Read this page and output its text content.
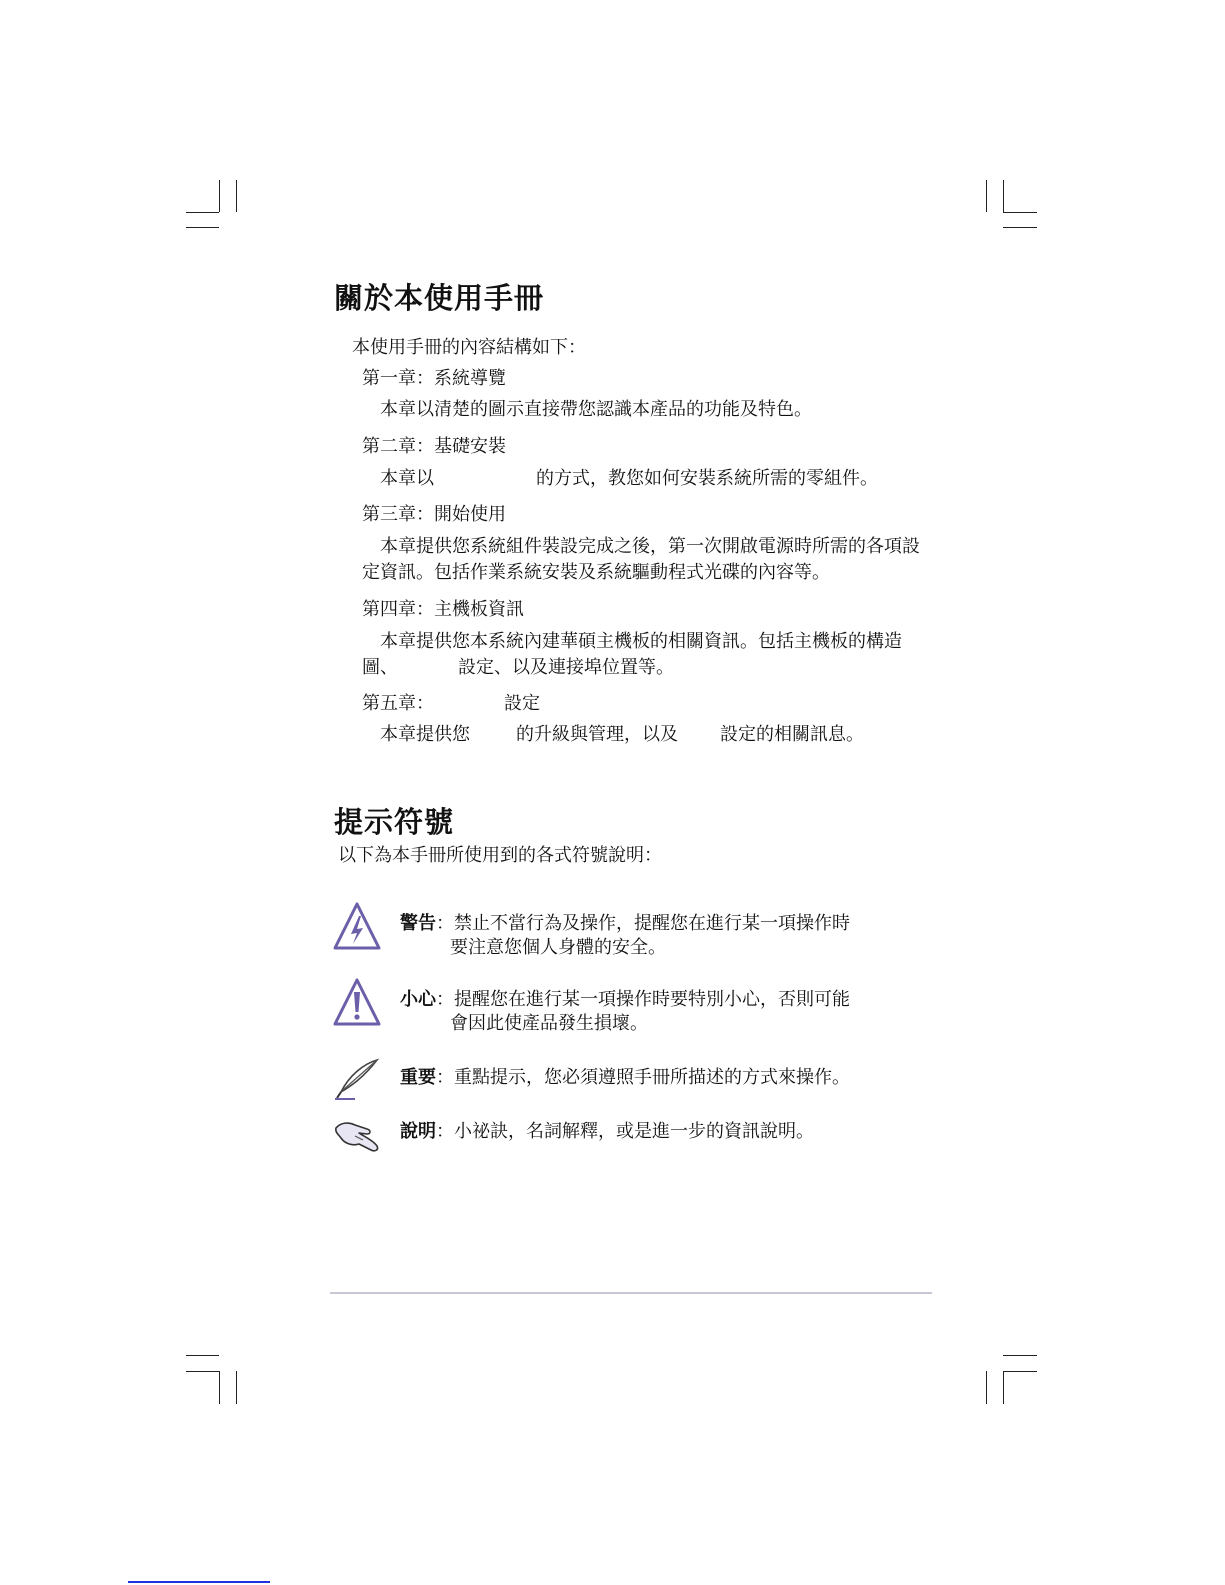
關於本使用手冊
本使用手冊的內容結構如下：
第一章：系統導覽
本章以清楚的圖示直接帶您認識本產品的功能及特色。
第二章：基礎安裝
本章以	的方式，教您如何安裝系統所需的零組件。
第三章：開始使用
本章提供您系統組件裝設完成之後，第一次開啟電源時所需的各項設
定資訊。包括作業系統安裝及系統驅動程式光碟的內容等。
第四章：主機板資訊
本章提供您本系統內建華碩主機板的相關資訊。包括主機板的構造
圖、	設定、以及連接埠位置等。
第五章：	設定
本章提供您	的升級與管理，以及 設定的相關訊息。
提示符號
以下為本手冊所使用到的各式符號說明：
警告 ：禁止不當行為及操作，提醒您在進行某一項操作時
要注意您個人身體的安全。
小心 ：提醒您在進行某一項操作時要特別小心，否則可能
會因此使產品發生損壞。
重要 ：重點提示，您必須遵照手冊所描述的方式來操作。
說明 ：小祕訣，名詞解釋，或是進一步的資訊說明。
